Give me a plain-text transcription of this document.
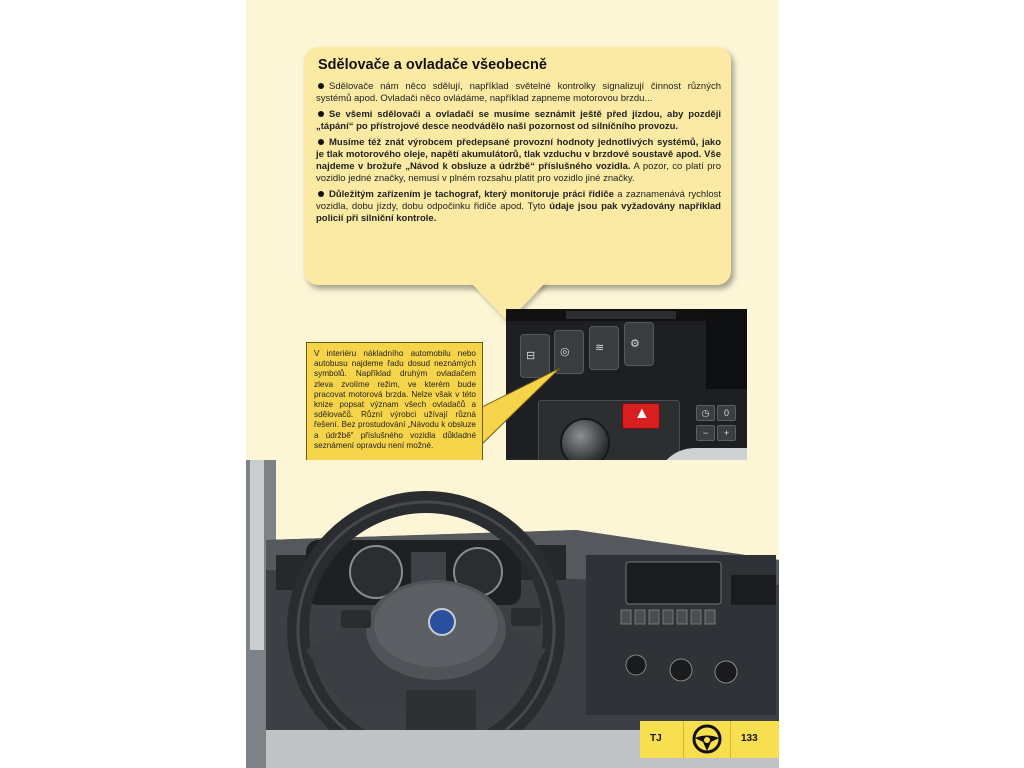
Sdělovače a ovladače všeobecně

Sdělovače nám něco sdělují, například světelné kontrolky signalizují činnost různých systémů apod. Ovladači něco ovládáme, například zapneme motorovou brzdu...

Se všemi sdělovači a ovladači se musíme seznámit ještě před jízdou, aby později „tápání“ po přístrojové desce neodvádělo naši pozornost od silničního provozu.

Musíme též znát výrobcem předepsané provozní hodnoty jednotlivých systémů, jako je tlak motorového oleje, napětí akumulátorů, tlak vzduchu v brzdové soustavě apod. Vše najdeme v brožuře „Návod k obsluze a údržbě“ příslušného vozidla. A pozor, co platí pro vozidlo jedné značky, nemusí v plném rozsahu platit pro vozidlo jiné značky.

Důležitým zařízením je tachograf, který monitoruje práci řidiče a zaznamenává rychlost vozidla, dobu jízdy, dobu odpočinku řidiče apod. Tyto údaje jsou pak vyžadovány například policií při silniční kontrole.

⊟ ◎ ≋ ⚙
▲	◷	0
−	+
V interiéru nákladního automobilu nebo autobusu najdeme řadu dosud neznámých symbolů. Například druhým ovladačem zleva zvolíme režim, ve kterém bude pracovat motorová brzda. Nelze však v této knize popsat význam všech ovladačů a sdělovačů. Různí výrobci užívají různá řešení. Bez prostudování „Návodu k obsluze a údržbě“ příslušného vozidla důkladné seznámení opravdu není možné.
TJ	133
